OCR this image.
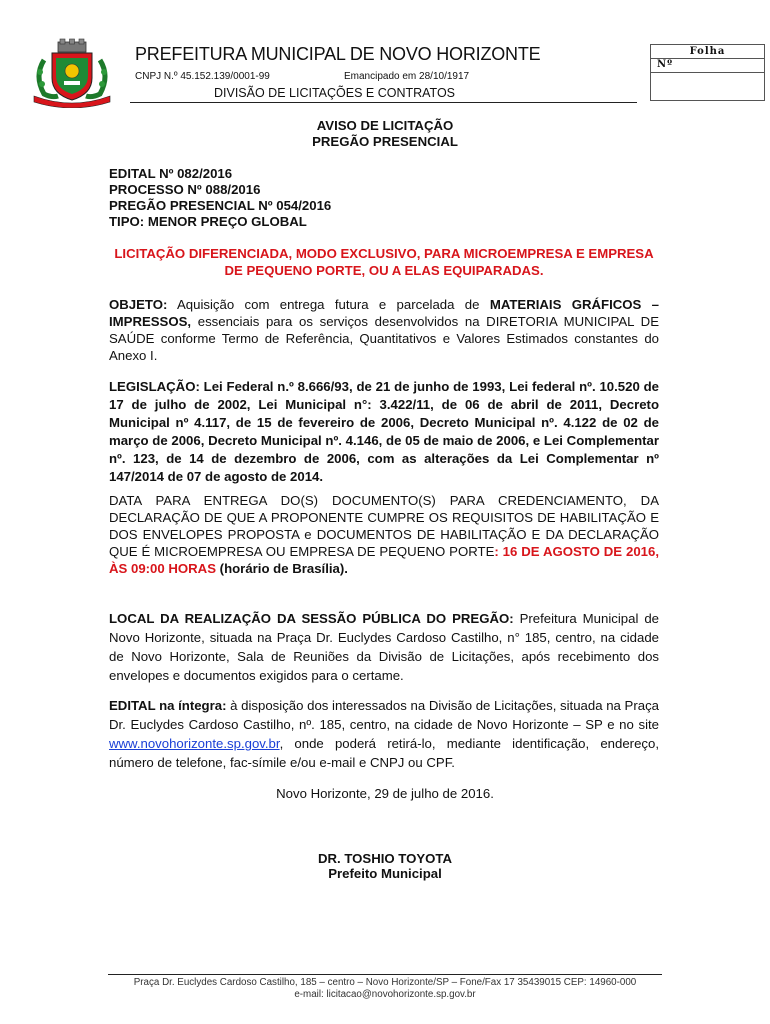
PREFEITURA MUNICIPAL DE NOVO HORIZONTE
CNPJ N.º 45.152.139/0001-99	Emancipado em 28/10/1917
DIVISÃO DE LICITAÇÕES E CONTRATOS
Folha
Nº
AVISO DE LICITAÇÃO
PREGÃO PRESENCIAL
EDITAL Nº 082/2016
PROCESSO Nº 088/2016
PREGÃO PRESENCIAL Nº 054/2016
TIPO: MENOR PREÇO GLOBAL
LICITAÇÃO DIFERENCIADA, MODO EXCLUSIVO, PARA MICROEMPRESA E EMPRESA DE PEQUENO PORTE, OU A ELAS EQUIPARADAS.
OBJETO: Aquisição com entrega futura e parcelada de MATERIAIS GRÁFICOS – IMPRESSOS, essenciais para os serviços desenvolvidos na DIRETORIA MUNICIPAL DE SAÚDE conforme Termo de Referência, Quantitativos e Valores Estimados constantes do Anexo I.
LEGISLAÇÃO: Lei Federal n.º 8.666/93, de 21 de junho de 1993, Lei federal nº. 10.520 de 17 de julho de 2002, Lei Municipal n°: 3.422/11, de 06 de abril de 2011, Decreto Municipal nº 4.117, de 15 de fevereiro de 2006, Decreto Municipal nº. 4.122 de 02 de março de 2006, Decreto Municipal nº. 4.146, de 05 de maio de 2006, e Lei Complementar nº. 123, de 14 de dezembro de 2006, com as alterações da Lei Complementar nº 147/2014 de 07 de agosto de 2014.
DATA PARA ENTREGA DO(S) DOCUMENTO(S) PARA CREDENCIAMENTO, DA DECLARAÇÃO DE QUE A PROPONENTE CUMPRE OS REQUISITOS DE HABILITAÇÃO E DOS ENVELOPES PROPOSTA e DOCUMENTOS DE HABILITAÇÃO E DA DECLARAÇÃO QUE É MICROEMPRESA OU EMPRESA DE PEQUENO PORTE: 16 DE AGOSTO DE 2016, ÀS 09:00 HORAS (horário de Brasília).
LOCAL DA REALIZAÇÃO DA SESSÃO PÚBLICA DO PREGÃO: Prefeitura Municipal de Novo Horizonte, situada na Praça Dr. Euclydes Cardoso Castilho, n° 185, centro, na cidade de Novo Horizonte, Sala de Reuniões da Divisão de Licitações, após recebimento dos envelopes e documentos exigidos para o certame.
EDITAL na íntegra: à disposição dos interessados na Divisão de Licitações, situada na Praça Dr. Euclydes Cardoso Castilho, nº. 185, centro, na cidade de Novo Horizonte – SP e no site www.novohorizonte.sp.gov.br, onde poderá retirá-lo, mediante identificação, endereço, número de telefone, fac-símile e/ou e-mail e CNPJ ou CPF.
Novo Horizonte, 29 de julho de 2016.
DR. TOSHIO TOYOTA
Prefeito Municipal
Praça Dr. Euclydes Cardoso Castilho, 185 – centro – Novo Horizonte/SP – Fone/Fax 17 35439015 CEP: 14960-000
e-mail: licitacao@novohorizonte.sp.gov.br
